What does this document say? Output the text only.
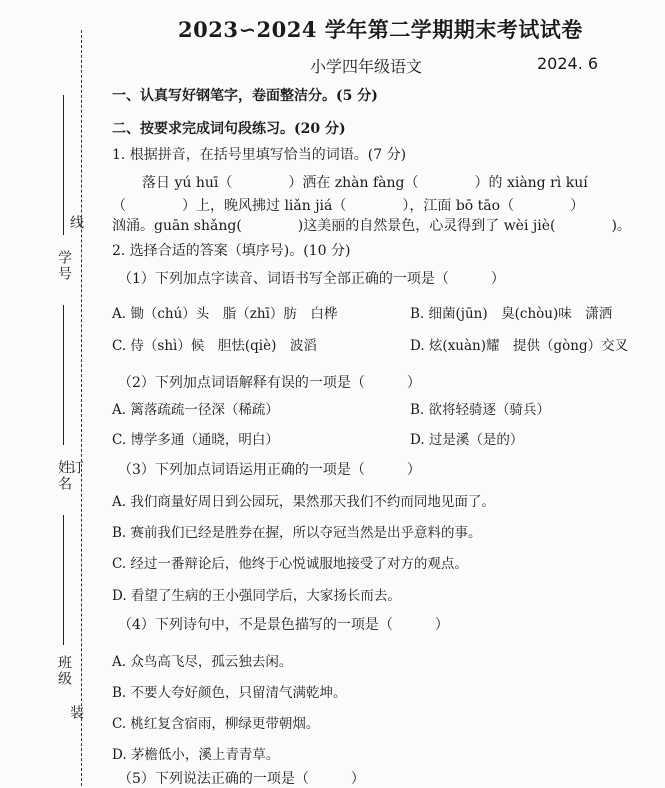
学号
线
姓名
订
班级
装
2023∽2024 学年第二学期期末考试试卷
小学四年级语文	2024. 6
一、认真写好钢笔字，卷面整洁分。(5 分)
二、按要求完成词句段练习。(20 分)
1. 根据拼音，在括号里填写恰当的词语。(7 分)
落日 yú huī（　　　　）洒在 zhàn fàng（　　　　）的 xiàng rì kuí
（　　　　）上，晚风拂过 liǎn jiá（　　　　），江面 bō tāo（　　　　）
汹涌。guān shǎng(　　　　)这美丽的自然景色，心灵得到了 wèi jiè(　　　　)。
2. 选择合适的答案（填序号)。(10 分)
（1）下列加点字读音、词语书写全部正确的一项是（　　　）
A. 锄（chú）头　脂（zhī）肪　白桦	B. 细菌(jūn)　臭(chòu)味　潇洒
C. 侍（shì）候　胆怯(qiè)　波滔	D. 炫(xuàn)耀　提供（gòng）交叉
（2）下列加点词语解释有误的一项是（　　　）
A. 篱落疏疏一径深（稀疏）	B. 欲将轻骑逐（骑兵）
C. 博学多通（通晓，明白）	D. 过是溪（是的）
（3）下列加点词语运用正确的一项是（　　　）
A. 我们商量好周日到公园玩，果然那天我们不约而同地见面了。
B. 赛前我们已经是胜券在握，所以夺冠当然是出乎意料的事。
C. 经过一番辩论后，他终于心悦诚服地接受了对方的观点。
D. 看望了生病的王小强同学后，大家扬长而去。
（4）下列诗句中，不是景色描写的一项是（　　　）
A. 众鸟高飞尽，孤云独去闲。
B. 不要人夸好颜色，只留清气满乾坤。
C. 桃红复含宿雨，柳绿更带朝烟。
D. 茅檐低小，溪上青青草。
（5）下列说法正确的一项是（　　　）
